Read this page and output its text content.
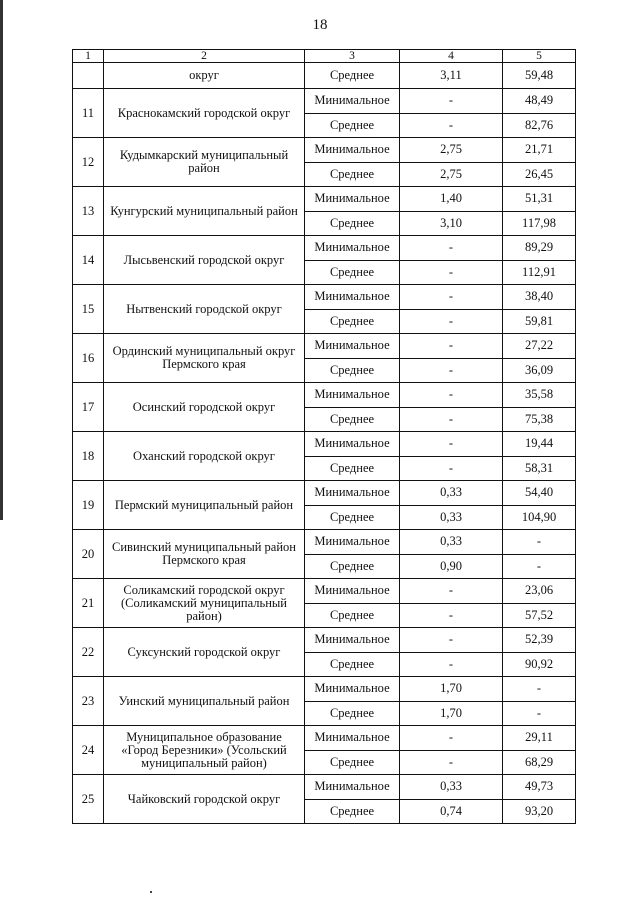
18
1	2	3	4	5
	округ	Среднее	3,11	59,48
11	Краснокамский городской округ	Минимальное	-	48,49
		Среднее	-	82,76
12	Кудымкарский муниципальный район	Минимальное	2,75	21,71
		Среднее	2,75	26,45
13	Кунгурский муниципальный район	Минимальное	1,40	51,31
		Среднее	3,10	117,98
14	Лысьвенский городской округ	Минимальное	-	89,29
		Среднее	-	112,91
15	Нытвенский городской округ	Минимальное	-	38,40
		Среднее	-	59,81
16	Ординский муниципальный округ Пермского края	Минимальное	-	27,22
		Среднее	-	36,09
17	Осинский городской округ	Минимальное	-	35,58
		Среднее	-	75,38
18	Оханский городской округ	Минимальное	-	19,44
		Среднее	-	58,31
19	Пермский муниципальный район	Минимальное	0,33	54,40
		Среднее	0,33	104,90
20	Сивинский муниципальный район Пермского края	Минимальное	0,33	-
		Среднее	0,90	-
21	Соликамский городской округ (Соликамский муниципальный район)	Минимальное	-	23,06
		Среднее	-	57,52
22	Суксунский городской округ	Минимальное	-	52,39
		Среднее	-	90,92
23	Уинский муниципальный район	Минимальное	1,70	-
		Среднее	1,70	-
24	Муниципальное образование «Город Березники» (Усольский муниципальный район)	Минимальное	-	29,11
		Среднее	-	68,29
25	Чайковский городской округ	Минимальное	0,33	49,73
		Среднее	0,74	93,20
